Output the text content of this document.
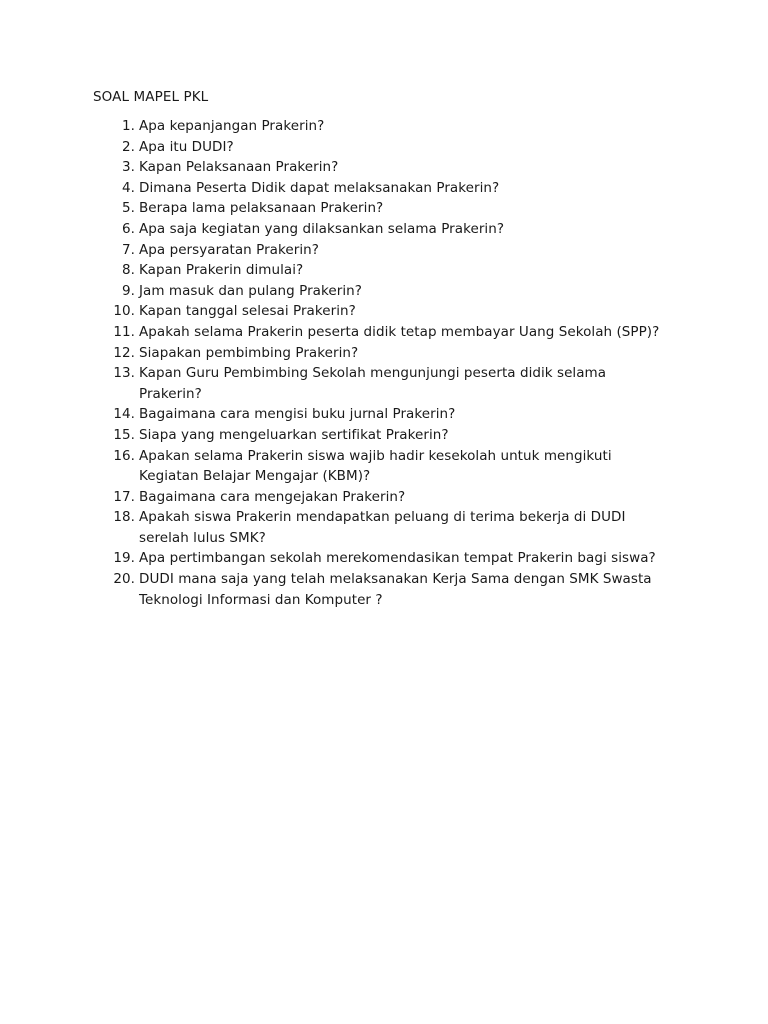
SOAL MAPEL PKL
1. Apa kepanjangan Prakerin?
2. Apa itu DUDI?
3. Kapan Pelaksanaan Prakerin?
4. Dimana Peserta Didik dapat melaksanakan Prakerin?
5. Berapa lama pelaksanaan Prakerin?
6. Apa saja kegiatan yang dilaksankan selama Prakerin?
7. Apa persyaratan Prakerin?
8. Kapan Prakerin dimulai?
9. Jam masuk dan pulang Prakerin?
10. Kapan tanggal selesai Prakerin?
11. Apakah selama Prakerin peserta didik tetap membayar Uang Sekolah (SPP)?
12. Siapakan pembimbing Prakerin?
13. Kapan Guru Pembimbing Sekolah mengunjungi peserta didik selama Prakerin?
14. Bagaimana cara mengisi buku jurnal Prakerin?
15. Siapa yang mengeluarkan sertifikat Prakerin?
16. Apakan selama Prakerin siswa wajib hadir kesekolah untuk mengikuti Kegiatan Belajar Mengajar (KBM)?
17. Bagaimana cara mengejakan Prakerin?
18. Apakah siswa Prakerin mendapatkan peluang di terima bekerja di DUDI serelah lulus SMK?
19. Apa pertimbangan sekolah merekomendasikan tempat Prakerin bagi siswa?
20. DUDI mana saja yang telah melaksanakan Kerja Sama dengan SMK Swasta Teknologi Informasi dan Komputer ?
